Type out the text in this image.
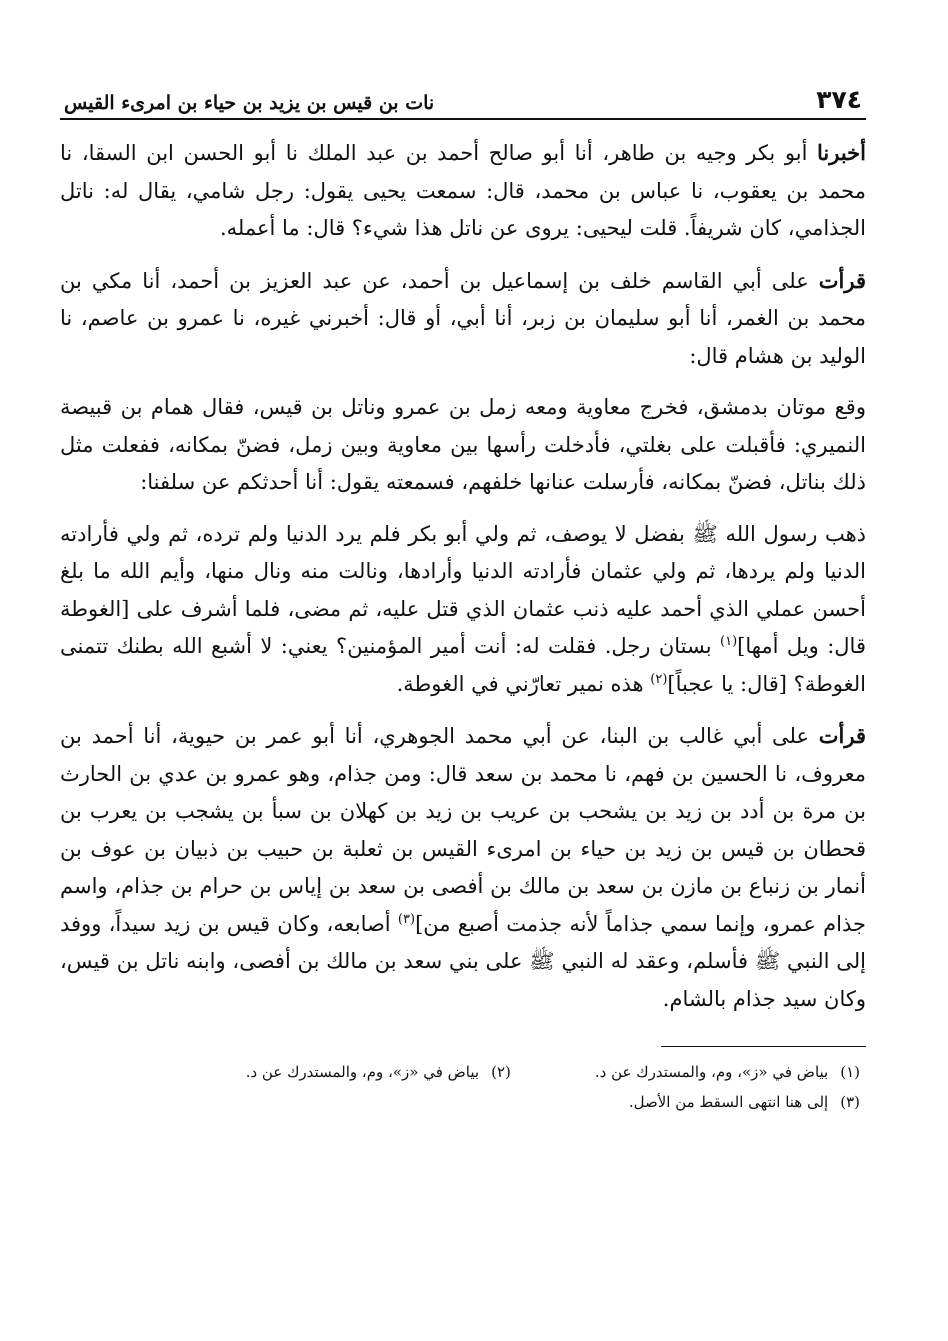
٣٧٤
نات بن قيس بن يزيد بن حياء بن امرىء القيس

أخبرنا أبو بكر وجيه بن طاهر، أنا أبو صالح أحمد بن عبد الملك نا أبو الحسن ابن السقا، نا محمد بن يعقوب، نا عباس بن محمد، قال: سمعت يحيى يقول: رجل شامي، يقال له: ناتل الجذامي، كان شريفاً. قلت ليحيى: يروى عن ناتل هذا شيء؟ قال: ما أعمله.

قرأت على أبي القاسم خلف بن إسماعيل بن أحمد، عن عبد العزيز بن أحمد، أنا مكي بن محمد بن الغمر، أنا أبو سليمان بن زبر، أنا أبي، أو قال: أخبرني غيره، نا عمرو بن عاصم، نا الوليد بن هشام قال:

وقع موتان بدمشق، فخرج معاوية ومعه زمل بن عمرو وناتل بن قيس، فقال همام بن قبيصة النميري: فأقبلت على بغلتي، فأدخلت رأسها بين معاوية وبين زمل، فضنّ بمكانه، ففعلت مثل ذلك بناتل، فضنّ بمكانه، فأرسلت عنانها خلفهم، فسمعته يقول: أنا أحدثكم عن سلفنا:

ذهب رسول الله ﷺ بفضل لا يوصف، ثم ولي أبو بكر فلم يرد الدنيا ولم ترده، ثم ولي فأرادته الدنيا ولم يردها، ثم ولي عثمان فأرادته الدنيا وأرادها، ونالت منه ونال منها، وأيم الله ما بلغ أحسن عملي الذي أحمد عليه ذنب عثمان الذي قتل عليه، ثم مضى، فلما أشرف على [الغوطة قال: ويل أمها]$^{(١)}$ بستان رجل. فقلت له: أنت أمير المؤمنين؟ يعني: لا أشبع الله بطنك تتمنى الغوطة؟ [قال: يا عجباً]$^{(٢)}$ هذه نمير تعارّني في الغوطة.

قرأت على أبي غالب بن البنا، عن أبي محمد الجوهري، أنا أبو عمر بن حيوية، أنا أحمد بن معروف، نا الحسين بن فهم، نا محمد بن سعد قال: ومن جذام، وهو عمرو بن عدي بن الحارث بن مرة بن أدد بن زيد بن يشحب بن عريب بن زيد بن كهلان بن سبأ بن يشجب بن يعرب بن قحطان بن قيس بن زيد بن حياء بن امرىء القيس بن ثعلبة بن حبيب بن ذبيان بن عوف بن أنمار بن زنباع بن مازن بن سعد بن مالك بن أفصى بن سعد بن إياس بن حرام بن جذام، واسم جذام عمرو، وإنما سمي جذاماً لأنه جذمت أصبع من]$^{(٣)}$ أصابعه، وكان قيس بن زيد سيداً، ووفد إلى النبي ﷺ فأسلم، وعقد له النبي ﷺ على بني سعد بن مالك بن أفصى، وابنه ناتل بن قيس، وكان سيد جذام بالشام.

(١)بياض في «ز»، وم، والمستدرك عن د.
(٢)بياض في «ز»، وم، والمستدرك عن د.
(٣)إلى هنا انتهى السقط من الأصل.
